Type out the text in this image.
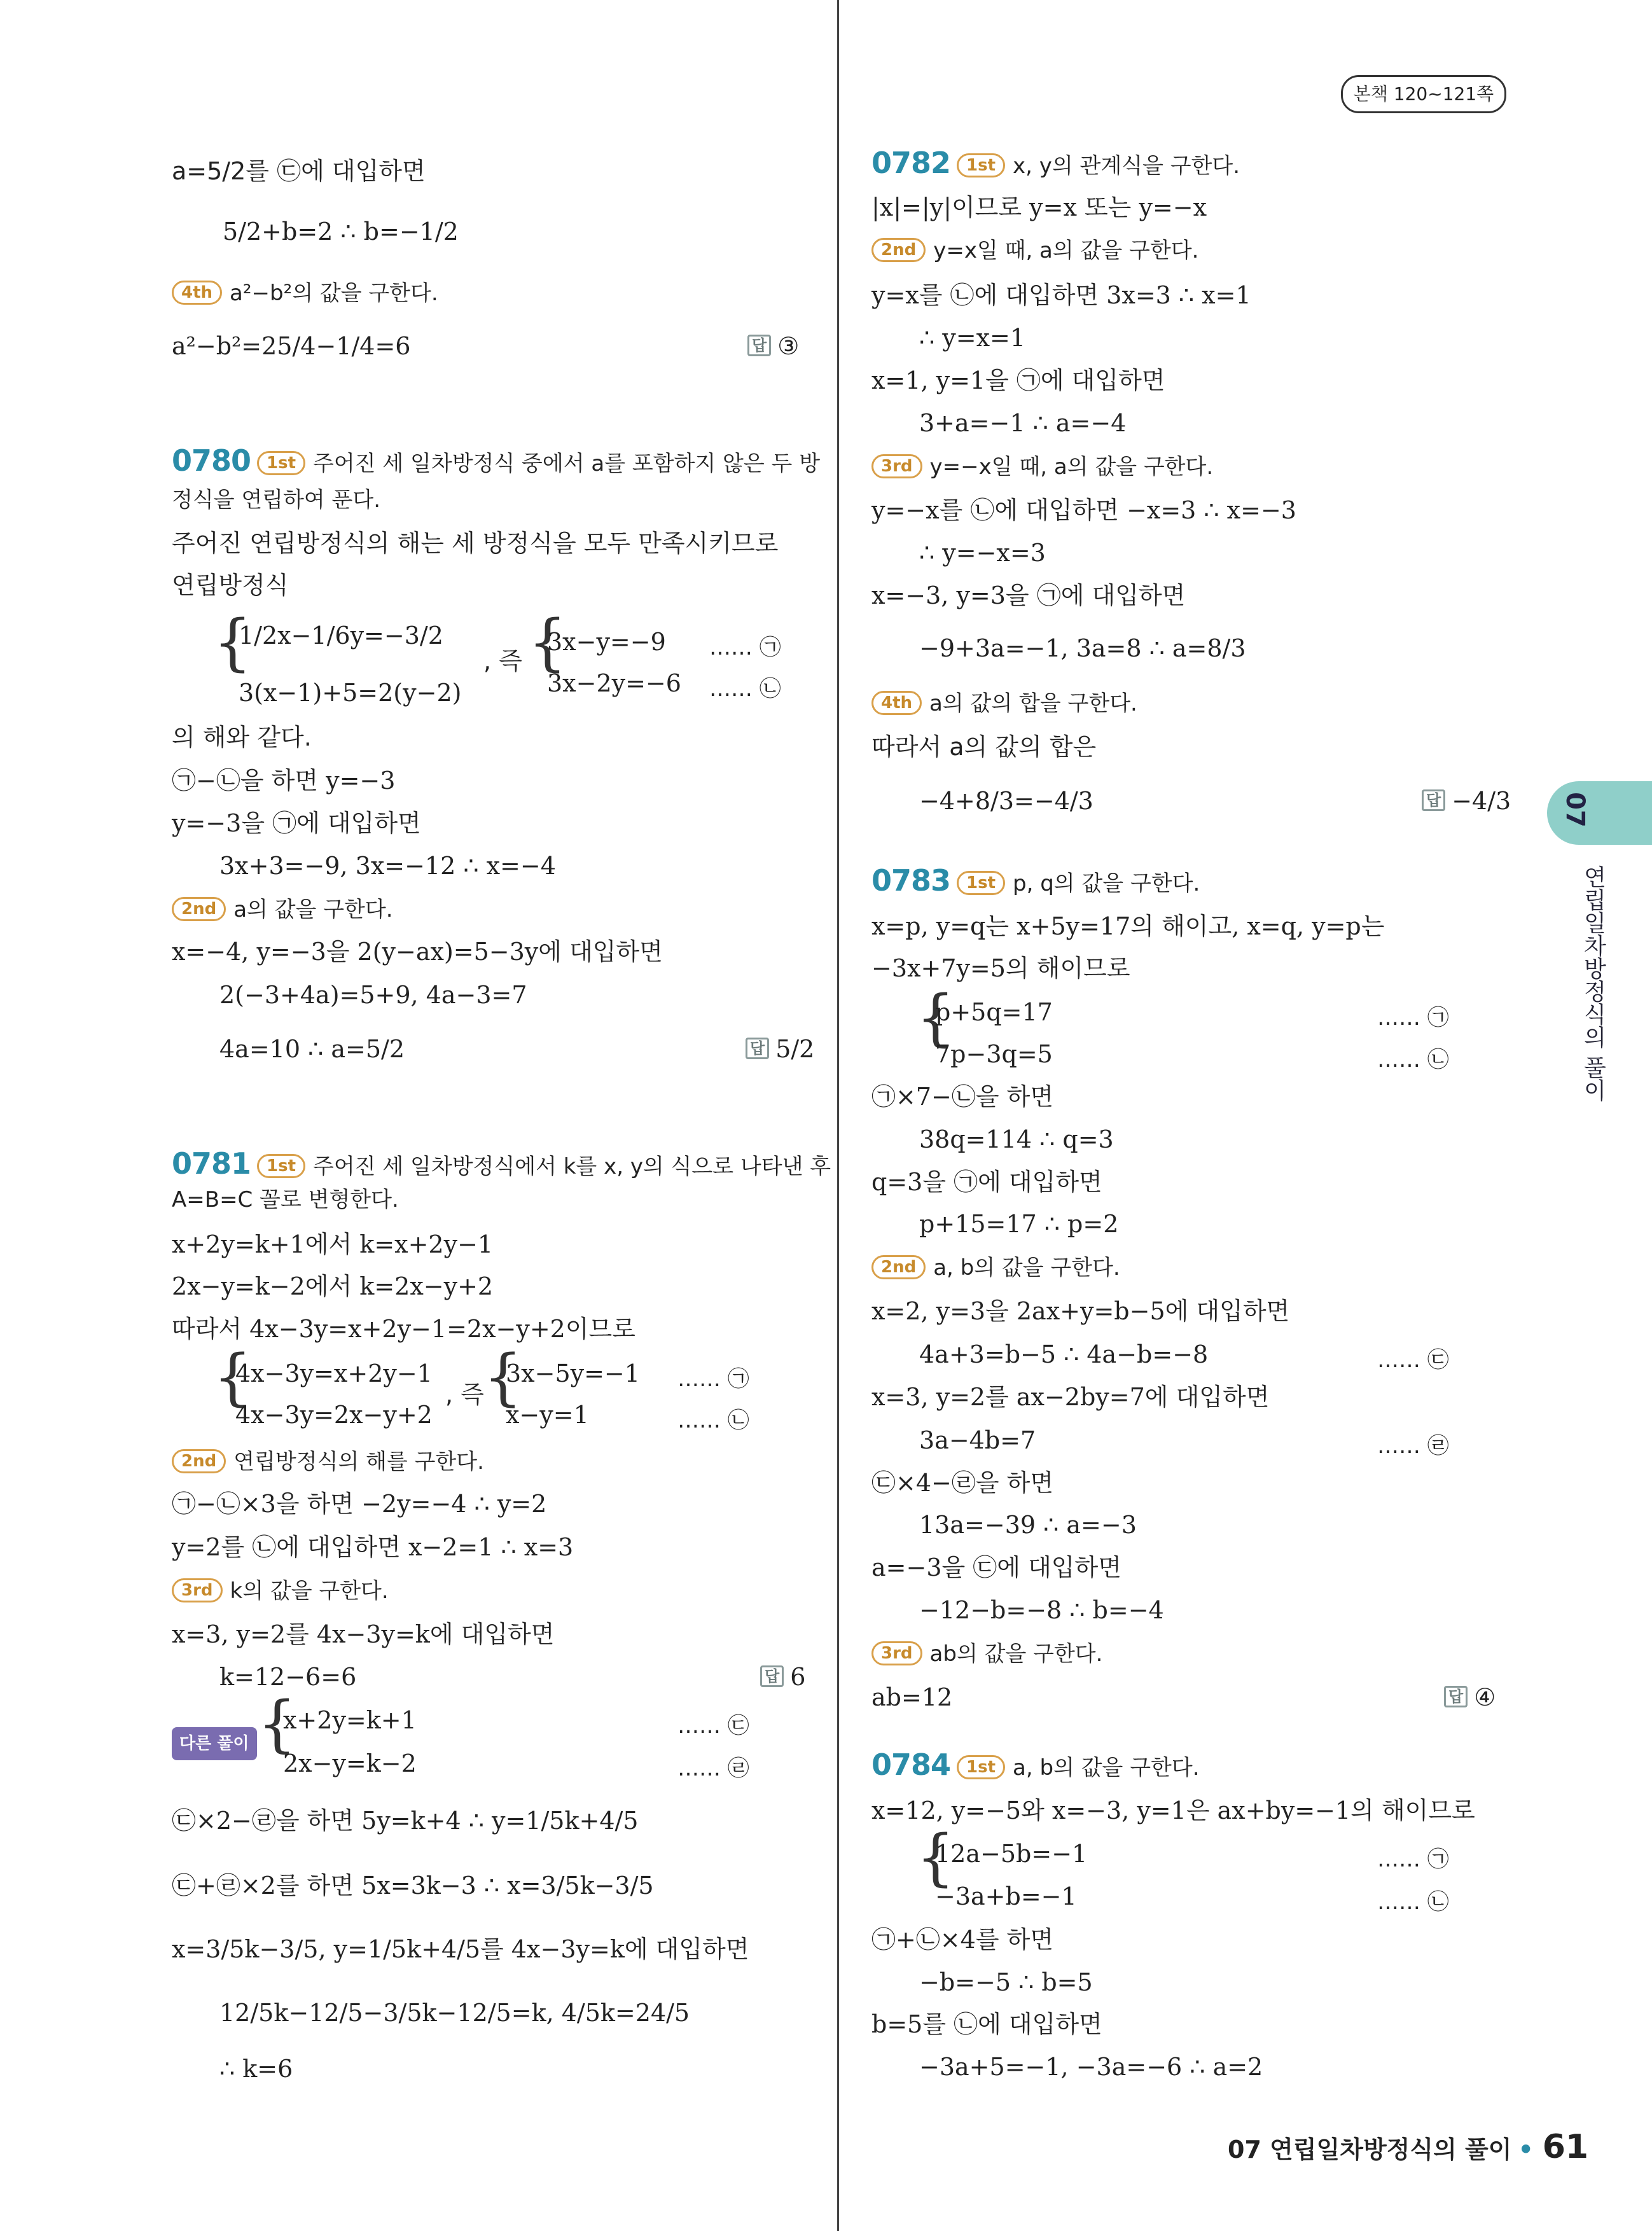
본책 120~121쪽
07
연립일차방정식의 풀이
a=5/2를 ㉢에 대입하면
5/2+b=2 ∴ b=−1/2
4th a²−b²의 값을 구한다.
a²−b²=25/4−1/4=6	답 ③
0780 1st 주어진 세 일차방정식 중에서 a를 포함하지 않은 두 방
정식을 연립하여 푼다.
주어진 연립방정식의 해는 세 방정식을 모두 만족시키므로
연립방정식
{
1/2x−1/6y=−3/2
3(x−1)+5=2(y−2)
, 즉 {
3x−y=−9
3x−2y=−6
…… ㉠
…… ㉡
의 해와 같다.
㉠−㉡을 하면 y=−3
y=−3을 ㉠에 대입하면
3x+3=−9, 3x=−12 ∴ x=−4
2nd a의 값을 구한다.
x=−4, y=−3을 2(y−ax)=5−3y에 대입하면
2(−3+4a)=5+9, 4a−3=7
4a=10 ∴ a=5/2	답 5/2
0781 1st 주어진 세 일차방정식에서 k를 x, y의 식으로 나타낸 후
A=B=C 꼴로 변형한다.
x+2y=k+1에서 k=x+2y−1
2x−y=k−2에서 k=2x−y+2
따라서 4x−3y=x+2y−1=2x−y+2이므로
{
4x−3y=x+2y−1
4x−3y=2x−y+2
, 즉 {
3x−5y=−1
x−y=1
…… ㉠
…… ㉡
2nd 연립방정식의 해를 구한다.
㉠−㉡×3을 하면 −2y=−4 ∴ y=2
y=2를 ㉡에 대입하면 x−2=1 ∴ x=3
3rd k의 값을 구한다.
x=3, y=2를 4x−3y=k에 대입하면
k=12−6=6	답 6
다른 풀이 {
x+2y=k+1
2x−y=k−2
…… ㉢
…… ㉣
㉢×2−㉣을 하면 5y=k+4 ∴ y=1/5k+4/5
㉢+㉣×2를 하면 5x=3k−3 ∴ x=3/5k−3/5
x=3/5k−3/5, y=1/5k+4/5를 4x−3y=k에 대입하면
12/5k−12/5−3/5k−12/5=k, 4/5k=24/5
∴ k=6
0782 1st x, y의 관계식을 구한다.
|x|=|y|이므로 y=x 또는 y=−x
2nd y=x일 때, a의 값을 구한다.
y=x를 ㉡에 대입하면 3x=3 ∴ x=1
∴ y=x=1
x=1, y=1을 ㉠에 대입하면
3+a=−1 ∴ a=−4
3rd y=−x일 때, a의 값을 구한다.
y=−x를 ㉡에 대입하면 −x=3 ∴ x=−3
∴ y=−x=3
x=−3, y=3을 ㉠에 대입하면
−9+3a=−1, 3a=8 ∴ a=8/3
4th a의 값의 합을 구한다.
따라서 a의 값의 합은
−4+8/3=−4/3	답 −4/3
0783 1st p, q의 값을 구한다.
x=p, y=q는 x+5y=17의 해이고, x=q, y=p는
−3x+7y=5의 해이므로
{
p+5q=17
7p−3q=5
…… ㉠
…… ㉡
㉠×7−㉡을 하면
38q=114 ∴ q=3
q=3을 ㉠에 대입하면
p+15=17 ∴ p=2
2nd a, b의 값을 구한다.
x=2, y=3을 2ax+y=b−5에 대입하면
4a+3=b−5 ∴ 4a−b=−8	…… ㉢
x=3, y=2를 ax−2by=7에 대입하면
3a−4b=7	…… ㉣
㉢×4−㉣을 하면
13a=−39 ∴ a=−3
a=−3을 ㉢에 대입하면
−12−b=−8 ∴ b=−4
3rd ab의 값을 구한다.
ab=12	답 ④
0784 1st a, b의 값을 구한다.
x=12, y=−5와 x=−3, y=1은 ax+by=−1의 해이므로
{
12a−5b=−1
−3a+b=−1
…… ㉠
…… ㉡
㉠+㉡×4를 하면
−b=−5 ∴ b=5
b=5를 ㉡에 대입하면
−3a+5=−1, −3a=−6 ∴ a=2
07 연립일차방정식의 풀이 • 61
